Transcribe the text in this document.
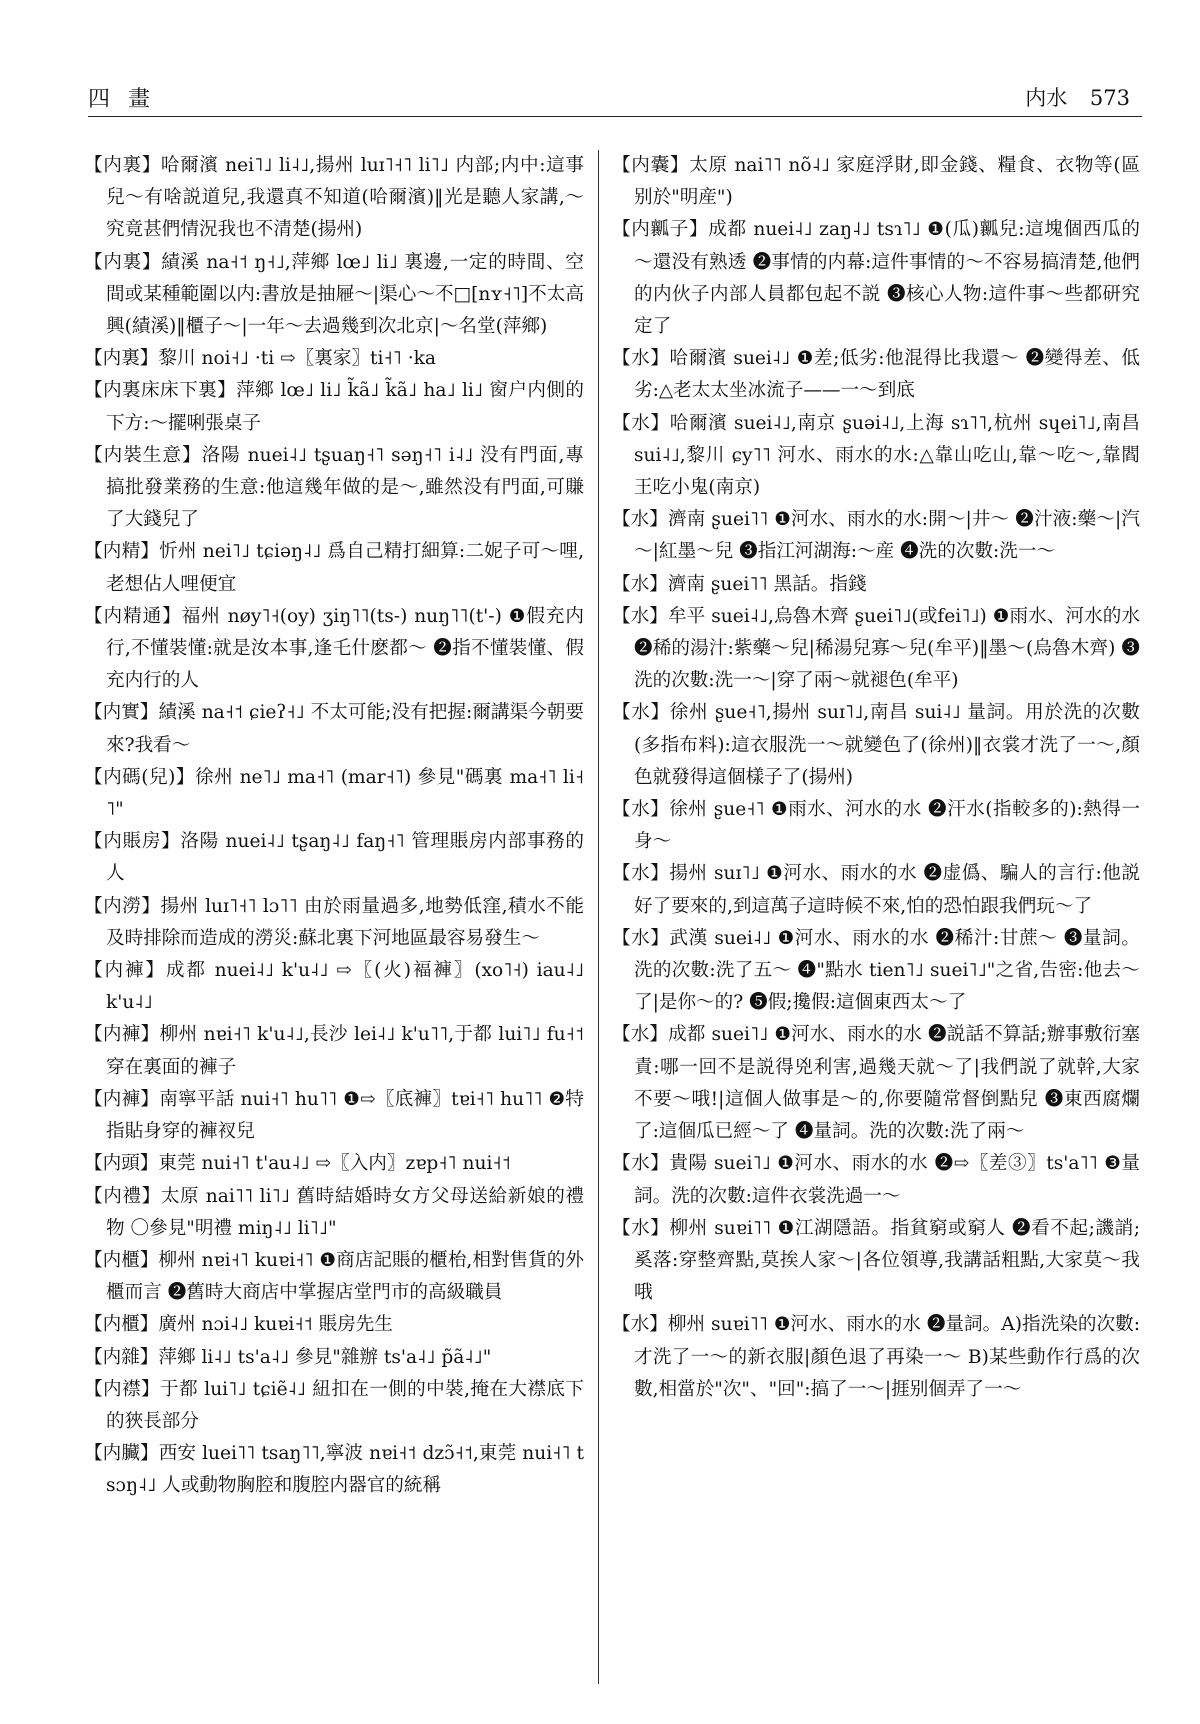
四畫	内水 573
【内裏】哈爾濱 nei˥˩ li˨˩,揚州 luɪ˥˧˥ li˥˩ 内部;内中:這事兒～有啥説道兒,我還真不知道(哈爾濱)‖光是聽人家講,～究竟甚們情況我也不清楚(揚州)
【内裏】績溪 na˧˦ ŋ˧˩,萍鄉 lœ˩ li˩ 裏邊,一定的時間、空間或某種範圍以内:書放是抽屜～|渠心～不□[nʏ˧˥]不太高興(績溪)‖櫃子～|一年～去過幾到次北京|～名堂(萍鄉)
【内裏】黎川 noi˧˩ ·ti ⇨〖裏家〗ti˧˥ ·ka
【内裏床床下裏】萍鄉 lœ˩ li˩ k̃ã˩ k̃ã˩ ha˩ li˩ 窗户内側的下方:～擺唎張桌子
【内裝生意】洛陽 nuei˨˩ tʂuaŋ˧˥ sәŋ˧˥ i˨˩ 没有門面,專搞批發業務的生意:他這幾年做的是～,雖然没有門面,可賺了大錢兒了
【内精】忻州 nei˥˩ tɕiәŋ˨˩ 爲自己精打細算:二妮子可～哩,老想佔人哩便宜
【内精通】福州 nøy˥˧(oy) ʒiŋ˥˥(ts-) nuŋ˥˥(t'-) ❶假充内行,不懂裝懂:就是汝本事,逢乇什麽都～ ❷指不懂裝懂、假充内行的人
【内實】績溪 na˧˦ ɕieʔ˧˩ 不太可能;没有把握:爾講渠今朝要來?我看～
【内碼(兒)】徐州 ne˥˩ ma˧˥ (mar˧˥) 參見"碼裏 ma˧˥ li˧˥"
【内賬房】洛陽 nuei˨˩ tʂaŋ˨˩ faŋ˧˥ 管理賬房内部事務的人
【内澇】揚州 luɪ˥˧˥ lɔ˥˥ 由於雨量過多,地勢低窪,積水不能及時排除而造成的澇災:蘇北裏下河地區最容易發生～
【内褲】成都 nuei˨˩ k'u˨˩ ⇨〖(火)褔褲〗(xo˥˧) iau˨˩ k'u˨˩
【内褲】柳州 nɐi˧˥ k'u˨˩,長沙 lei˨˩ k'u˥˥,于都 lui˥˩ fu˧˦ 穿在裏面的褲子
【内褲】南寧平話 nui˧˥ hu˥˥ ❶⇨〖底褲〗tɐi˧˥ hu˥˥ ❷特指貼身穿的褲衩兒
【内頭】東莞 nui˧˥ t'au˨˩ ⇨〖入内〗zɐp˧˥ nui˧˦
【内禮】太原 nai˥˥ li˥˩ 舊時結婚時女方父母送給新娘的禮物 〇參見"明禮 miŋ˨˩ li˥˩"
【内櫃】柳州 nɐi˧˥ kuɐi˧˥ ❶商店記賬的櫃枱,相對售貨的外櫃而言 ❷舊時大商店中掌握店堂門市的高級職員
【内櫃】廣州 nɔi˨˩ kuɐi˧˦ 賬房先生
【内雜】萍鄉 li˨˩ ts'a˨˩ 參見"雜辦 ts'a˨˩ p̃ã˨˩"
【内襟】于都 lui˥˩ tɕiẽ˨˩ 紐扣在一側的中裝,掩在大襟底下的狹長部分
【内臟】西安 luei˥˥ tsaŋ˥˥,寧波 nɐi˧˦ dzɔ̃˧˦,東莞 nui˧˥ tsɔŋ˨˩ 人或動物胸腔和腹腔内器官的統稱
【内囊】太原 nai˥˥ nõ˨˩ 家庭浮財,即金錢、糧食、衣物等(區别於"明産")
【内瓤子】成都 nuei˨˩ zaŋ˨˩ tsɿ˥˩ ❶(瓜)瓤兒:這塊個西瓜的～還没有熟透 ❷事情的内幕:這件事情的～不容易搞清楚,他們的内伙子内部人員都包起不説 ❸核心人物:這件事～些都研究定了
【水】哈爾濱 suei˨˩ ❶差;低劣:他混得比我還～ ❷變得差、低劣:△老太太坐冰流子——一～到底
【水】哈爾濱 suei˨˩,南京 ʂuәi˨˩,上海 sɿ˥˥,杭州 sɥei˥˩,南昌 sui˨˩,黎川 ɕy˥˥ 河水、雨水的水:△靠山吃山,靠～吃～,靠閻王吃小鬼(南京)
【水】濟南 ʂuei˥˥ ❶河水、雨水的水:開～|井～ ❷汁液:藥～|汽～|紅墨～兒 ❸指江河湖海:～産 ❹洗的次數:洗一～
【水】濟南 ʂuei˥˥ 黑話。指錢
【水】牟平 suei˨˩,烏魯木齊 ʂuei˥˩(或fei˥˩) ❶雨水、河水的水 ❷稀的湯汁:紫藥～兒|稀湯兒寡～兒(牟平)‖墨～(烏魯木齊) ❸洗的次數:洗一～|穿了兩～就褪色(牟平)
【水】徐州 ʂue˧˥,揚州 suɪ˥˩,南昌 sui˨˩ 量詞。用於洗的次數(多指布料):這衣服洗一～就變色了(徐州)‖衣裳才洗了一～,顏色就發得這個樣子了(揚州)
【水】徐州 ʂue˧˥ ❶雨水、河水的水 ❷汗水(指較多的):熱得一身～
【水】揚州 suɪ˥˩ ❶河水、雨水的水 ❷虚僞、騙人的言行:他説好了要來的,到這萬子這時候不來,怕的恐怕跟我們玩～了
【水】武漢 suei˨˩ ❶河水、雨水的水 ❷稀汁:甘蔗～ ❸量詞。洗的次數:洗了五～ ❹"點水 tien˥˩ suei˥˩"之省,告密:他去～了|是你～的? ❺假;攙假:這個東西太～了
【水】成都 suei˥˩ ❶河水、雨水的水 ❷説話不算話;辦事敷衍塞責:哪一回不是説得兇利害,過幾天就～了|我們説了就幹,大家不要～哦!|這個人做事是～的,你要隨常督倒點兒 ❸東西腐爛了:這個瓜已經～了 ❹量詞。洗的次數:洗了兩～
【水】貴陽 suei˥˩ ❶河水、雨水的水 ❷⇨〖差③〗ts'a˥˥ ❸量詞。洗的次數:這件衣裳洗過一～
【水】柳州 suɐi˥˥ ❶江湖隱語。指貧窮或窮人 ❷看不起;譏誚;奚落:穿整齊點,莫挨人家～|各位領導,我講話粗點,大家莫～我哦
【水】柳州 suɐi˥˥ ❶河水、雨水的水 ❷量詞。A)指洗染的次數:才洗了一～的新衣服|顏色退了再染一～ B)某些動作行爲的次數,相當於"次"、"回":搞了一～|捱别個弄了一～
